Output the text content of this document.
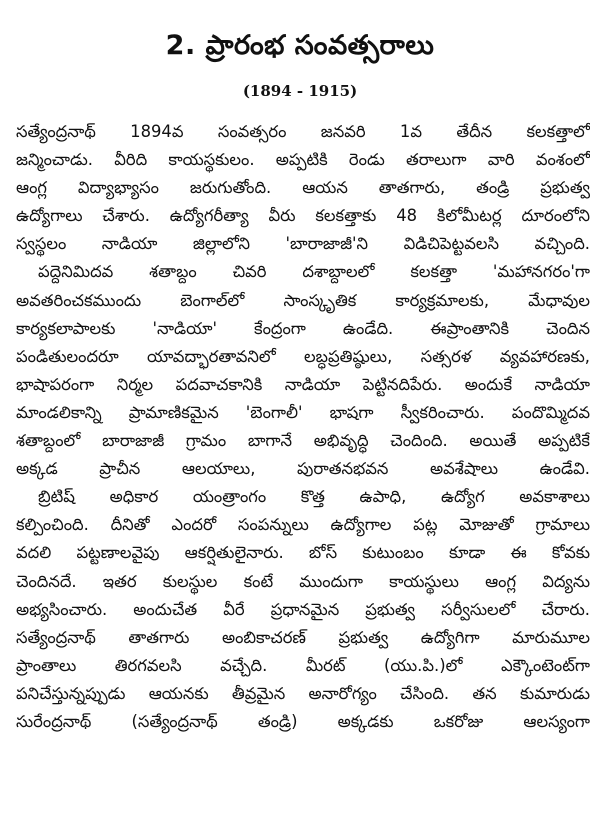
2. ప్రారంభ సంవత్సరాలు
(1894 - 1915)
సత్యేంద్రనాథ్ 1894వ సంవత్సరం జనవరి 1వ తేదీన కలకత్తాలో
జన్మించాడు. వీరిది కాయస్థకులం. అప్పటికి రెండు తరాలుగా వారి వంశంలో
ఆంగ్ల విద్యాభ్యాసం జరుగుతోంది. ఆయన తాతగారు, తండ్రి ప్రభుత్వ
ఉద్యోగాలు చేశారు. ఉద్యోగరీత్యా వీరు కలకత్తాకు 48 కిలోమీటర్ల దూరంలోని
స్వస్థలం నాడియా జిల్లాలోని 'బారాజాజీ'ని విడిచిపెట్టవలసి వచ్చింది.
పద్దెనిమిదవ శతాబ్దం చివరి దశాబ్దాలలో కలకత్తా 'మహానగరం'గా
అవతరించకముందు బెంగాల్‌లో సాంస్కృతిక కార్యక్రమాలకు, మేధావుల
కార్యకలాపాలకు 'నాడియా' కేంద్రంగా ఉండేది. ఈప్రాంతానికి చెందిన
పండితులందరూ యావద్భారతావనిలో లబ్ధప్రతిష్ఠులు, సత్సరళ వ్యవహారణకు,
భాషాపరంగా నిర్మల పదవాచకానికి నాడియా పెట్టినదిపేరు. అందుకే నాడియా
మాండలికాన్ని ప్రామాణికమైన 'బెంగాలీ' భాషగా స్వీకరించారు. పందొమ్మిదవ
శతాబ్దంలో బారాజాజీ గ్రామం బాగానే అభివృద్ధి చెందింది. అయితే అప్పటికే
అక్కడ ప్రాచీన ఆలయాలు, పురాతనభవన అవశేషాలు ఉండేవి.
బ్రిటిష్ అధికార యంత్రాంగం కొత్త ఉపాధి, ఉద్యోగ అవకాశాలు
కల్పించింది. దీనితో ఎందరో సంపన్నులు ఉద్యోగాల పట్ల మోజుతో గ్రామాలు
వదలి పట్టణాలవైపు ఆకర్షితులైనారు. బోస్ కుటుంబం కూడా ఈ కోవకు
చెందినదే. ఇతర కులస్థుల కంటే ముందుగా కాయస్థులు ఆంగ్ల విద్యను
అభ్యసించారు. అందుచేత వీరే ప్రధానమైన ప్రభుత్వ సర్వీసులలో చేరారు.
సత్యేంద్రనాథ్ తాతగారు అంబికాచరణ్ ప్రభుత్వ ఉద్యోగిగా మారుమూల
ప్రాంతాలు తిరగవలసి వచ్చేది. మీరట్ (యు.పి.)లో ఎక్కౌంటెంట్‌గా
పనిచేస్తున్నప్పుడు ఆయనకు తీవ్రమైన అనారోగ్యం చేసింది. తన కుమారుడు
సురేంద్రనాథ్ (సత్యేంద్రనాథ్ తండ్రి) అక్కడకు ఒకరోజు ఆలస్యంగా
